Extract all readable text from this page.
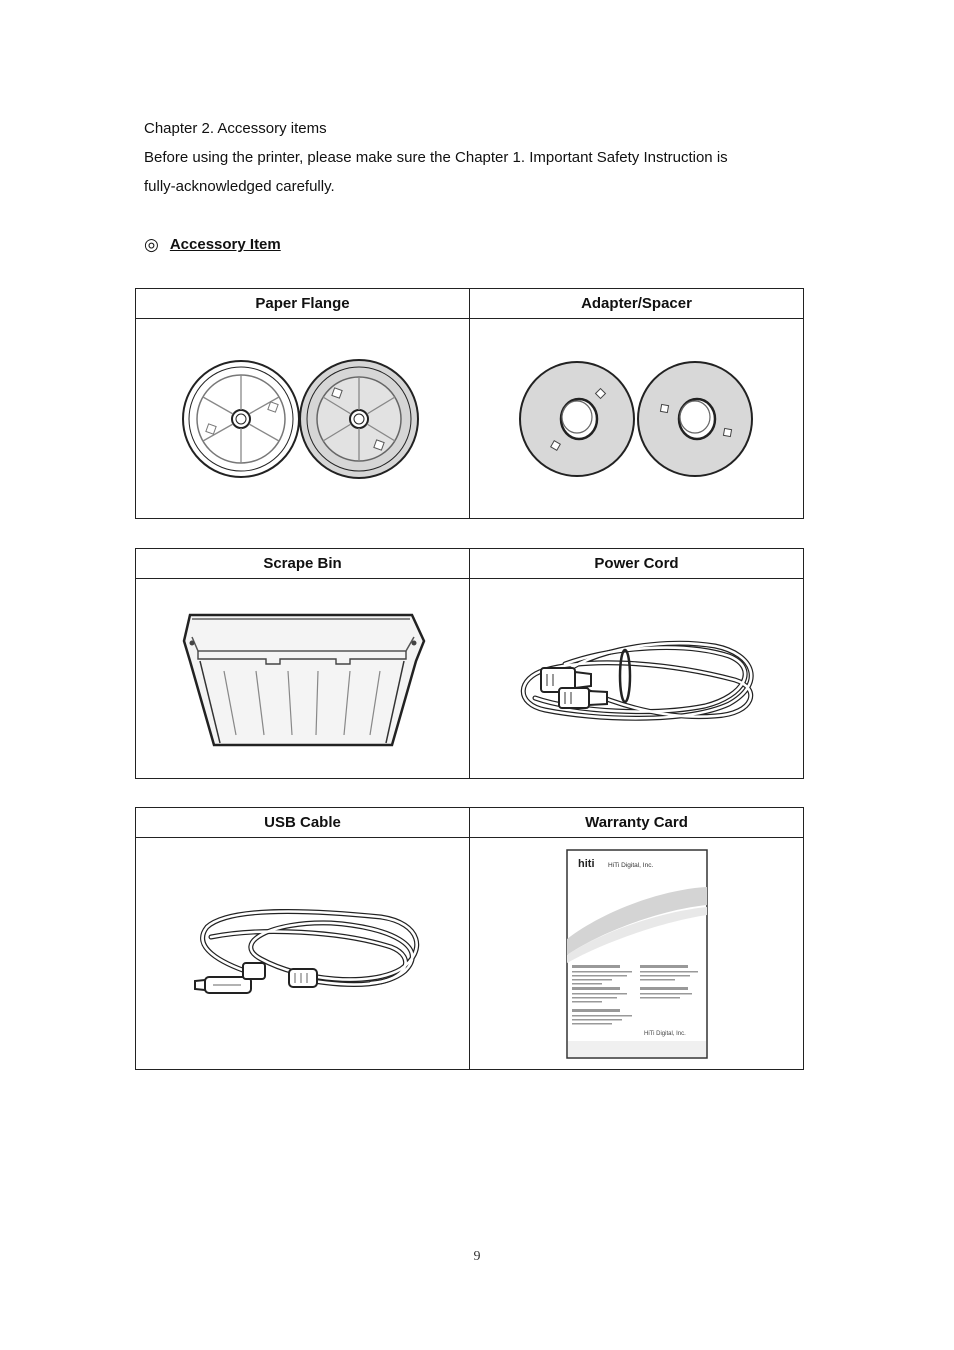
Chapter 2. Accessory items
Before using the printer, please make sure the Chapter 1. Important Safety Instruction is
fully-acknowledged carefully.
◎ Accessory Item
Paper Flange	Adapter/Spacer

Scrape Bin	Power Cord

USB Cable	Warranty Card

hiti HiTi Digital, Inc.
HiTi Digital, Inc.
9
